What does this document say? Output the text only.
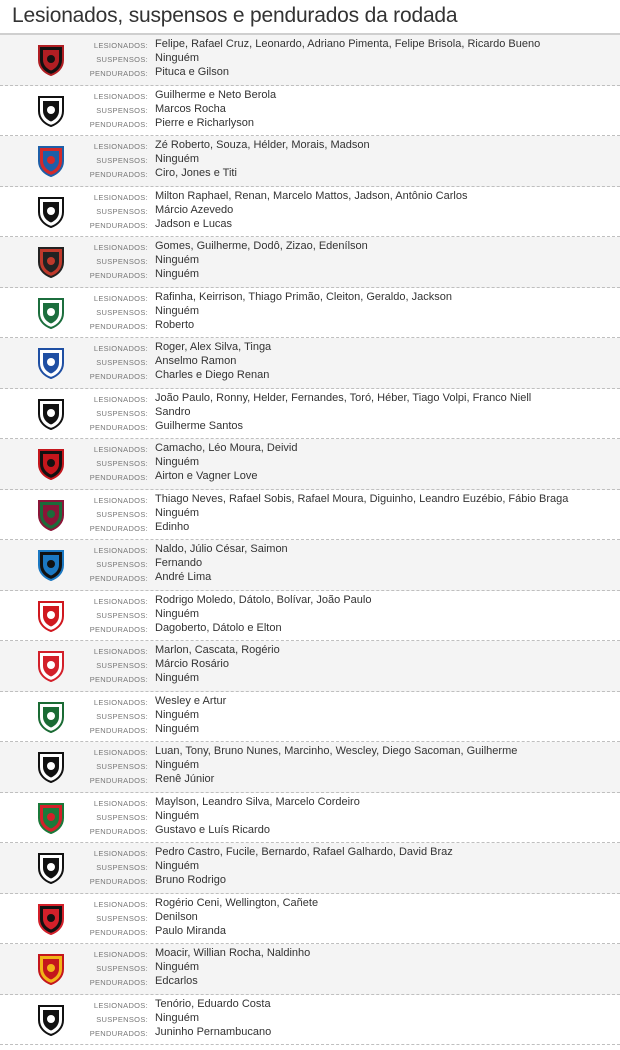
Lesionados, suspensos e pendurados da rodada
LESIONADOS: Felipe, Rafael Cruz, Leonardo, Adriano Pimenta, Felipe Brisola, Ricardo Bueno
SUSPENSOS: Ninguém
PENDURADOS: Pituca e Gilson
LESIONADOS: Guilherme e Neto Berola
SUSPENSOS: Marcos Rocha
PENDURADOS: Pierre e Richarlyson
LESIONADOS: Zé Roberto, Souza, Hélder, Morais, Madson
SUSPENSOS: Ninguém
PENDURADOS: Ciro, Jones e Titi
LESIONADOS: Milton Raphael, Renan, Marcelo Mattos, Jadson, Antônio Carlos
SUSPENSOS: Márcio Azevedo
PENDURADOS: Jadson e Lucas
LESIONADOS: Gomes, Guilherme, Dodô, Zizao, Edenílson
SUSPENSOS: Ninguém
PENDURADOS: Ninguém
LESIONADOS: Rafinha, Keirrison, Thiago Primão, Cleiton, Geraldo, Jackson
SUSPENSOS: Ninguém
PENDURADOS: Roberto
LESIONADOS: Roger, Alex Silva, Tinga
SUSPENSOS: Anselmo Ramon
PENDURADOS: Charles e Diego Renan
LESIONADOS: João Paulo, Ronny, Helder, Fernandes, Toró, Héber, Tiago Volpi, Franco Niell
SUSPENSOS: Sandro
PENDURADOS: Guilherme Santos
LESIONADOS: Camacho, Léo Moura, Deivid
SUSPENSOS: Ninguém
PENDURADOS: Airton e Vagner Love
LESIONADOS: Thiago Neves, Rafael Sobis, Rafael Moura, Diguinho, Leandro Euzébio, Fábio Braga
SUSPENSOS: Ninguém
PENDURADOS: Edinho
LESIONADOS: Naldo, Júlio César, Saimon
SUSPENSOS: Fernando
PENDURADOS: André Lima
LESIONADOS: Rodrigo Moledo, Dátolo, Bolívar, João Paulo
SUSPENSOS: Ninguém
PENDURADOS: Dagoberto, Dátolo e Elton
LESIONADOS: Marlon, Cascata, Rogério
SUSPENSOS: Márcio Rosário
PENDURADOS: Ninguém
LESIONADOS: Wesley e Artur
SUSPENSOS: Ninguém
PENDURADOS: Ninguém
LESIONADOS: Luan, Tony, Bruno Nunes, Marcinho, Wescley, Diego Sacoman, Guilherme
SUSPENSOS: Ninguém
PENDURADOS: Renê Júnior
LESIONADOS: Maylson, Leandro Silva, Marcelo Cordeiro
SUSPENSOS: Ninguém
PENDURADOS: Gustavo e Luís Ricardo
LESIONADOS: Pedro Castro, Fucile, Bernardo, Rafael Galhardo, David Braz
SUSPENSOS: Ninguém
PENDURADOS: Bruno Rodrigo
LESIONADOS: Rogério Ceni, Wellington, Cañete
SUSPENSOS: Denilson
PENDURADOS: Paulo Miranda
LESIONADOS: Moacir, Willian Rocha, Naldinho
SUSPENSOS: Ninguém
PENDURADOS: Edcarlos
LESIONADOS: Tenório, Eduardo Costa
SUSPENSOS: Ninguém
PENDURADOS: Juninho Pernambucano
